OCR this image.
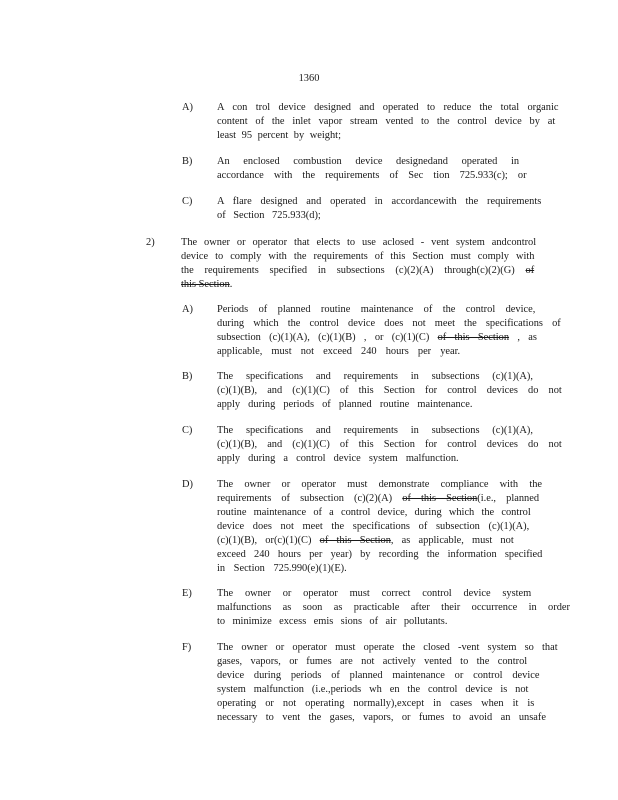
1360
A) A con trol device designed and operated to reduce the total organic
content of the inlet vapor stream vented to the control device by at
least 95 percent by weight;
B) An enclosed combustion device designedand operated in
accordance with the requirements of Sec tion 725.933(c); or
C) A flare designed and operated in accordancewith the requirements
of Section 725.933(d);
2)	The owner or operator that elects to use aclosed - vent system andcontrol
device to comply with the requirements of this Section must comply with
the requirements specified in subsections (c)(2)(A) through(c)(2)(G) of
this Section.
A) Periods of planned routine maintenance of the control device,
during which the control device does not meet the specifications of
subsection (c)(1)(A), (c)(1)(B) , or (c)(1)(C) of this Section , as
applicable, must not exceed 240 hours per year.
B) The specifications and requirements in subsections (c)(1)(A),
(c)(1)(B), and (c)(1)(C) of this Section for control devices do not
apply during periods of planned routine maintenance.
C) The specifications and requirements in subsections (c)(1)(A),
(c)(1)(B), and (c)(1)(C) of this Section for control devices do not
apply during a control device system malfunction.
D) The owner or operator must demonstrate compliance with the
requirements of subsection (c)(2)(A) of this Section(i.e., planned
routine maintenance of a control device, during which the control
device does not meet the specifications of subsection (c)(1)(A),
(c)(1)(B), or(c)(1)(C) of this Section, as applicable, must not
exceed 240 hours per year) by recording the information specified
in Section 725.990(e)(1)(E).
E) The owner or operator must correct control device system
malfunctions as soon as practicable after their occurrence in order
to minimize excess emis sions of air pollutants.
F) The owner or operator must operate the closed -vent system so that
gases, vapors, or fumes are not actively vented to the control
device during periods of planned maintenance or control device
system malfunction (i.e.,periods wh en the control device is not
operating or not operating normally),except in cases when it is
necessary to vent the gases, vapors, or fumes to avoid an unsafe
